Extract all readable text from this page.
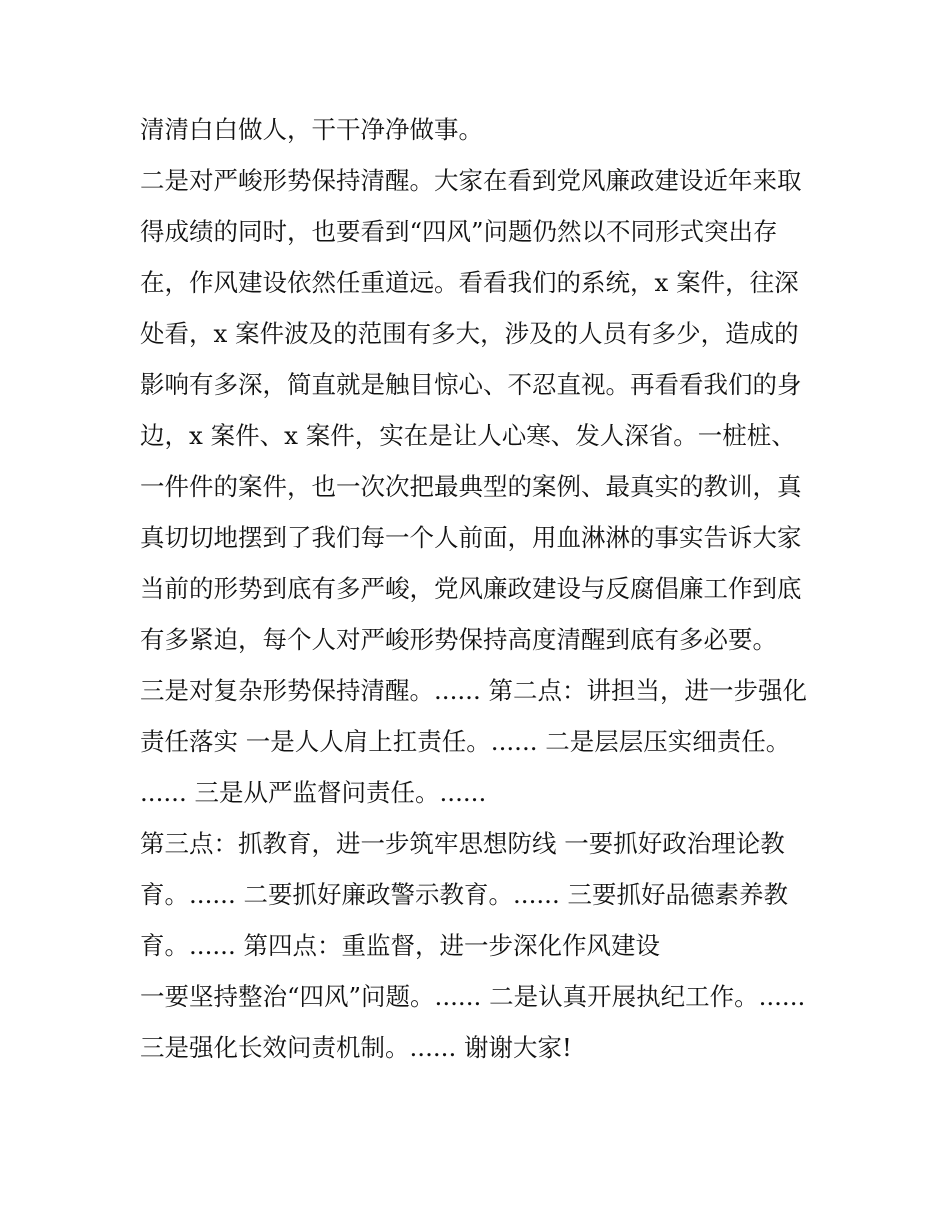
清清白白做人，干干净净做事。
二是对严峻形势保持清醒。大家在看到党风廉政建设近年来取
得成绩的同时，也要看到“四风”问题仍然以不同形式突出存
在，作风建设依然任重道远。看看我们的系统，x 案件，往深
处看，x 案件波及的范围有多大，涉及的人员有多少，造成的
影响有多深，简直就是触目惊心、不忍直视。再看看我们的身
边，x 案件、x 案件，实在是让人心寒、发人深省。一桩桩、
一件件的案件，也一次次把最典型的案例、最真实的教训，真
真切切地摆到了我们每一个人前面，用血淋淋的事实告诉大家
当前的形势到底有多严峻，党风廉政建设与反腐倡廉工作到底
有多紧迫，每个人对严峻形势保持高度清醒到底有多必要。
三是对复杂形势保持清醒。...... 第二点：讲担当，进一步强化
责任落实 一是人人肩上扛责任。...... 二是层层压实细责任。
...... 三是从严监督问责任。......
第三点：抓教育，进一步筑牢思想防线 一要抓好政治理论教
育。...... 二要抓好廉政警示教育。...... 三要抓好品德素养教
育。...... 第四点：重监督，进一步深化作风建设
一要坚持整治“四风”问题。...... 二是认真开展执纪工作。......
三是强化长效问责机制。...... 谢谢大家!
